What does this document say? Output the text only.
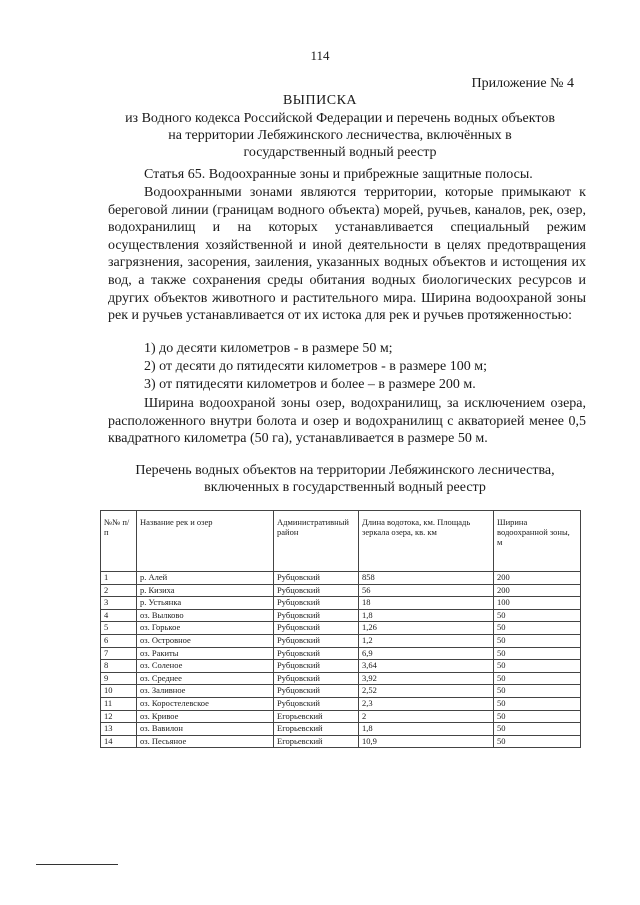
114
Приложение № 4
ВЫПИСКА
из Водного кодекса Российской Федерации и перечень водных объектов на территории Лебяжинского лесничества, включённых в государственный водный реестр
Статья 65. Водоохранные зоны и прибрежные защитные полосы.
Водоохранными зонами являются территории, которые примыкают к береговой линии (границам водного объекта) морей, ручьев, каналов, рек, озер, водохранилищ и на которых устанавливается специальный режим осуществления хозяйственной и иной деятельности в целях предотвращения загрязнения, засорения, заиления, указанных водных объектов и истощения их вод, а также сохранения среды обитания водных биологических ресурсов и других объектов животного и растительного мира. Ширина водоохраной зоны рек и ручьев устанавливается от их истока для рек и ручьев протяженностью:
1) до десяти километров - в размере 50 м;
2) от десяти до пятидесяти километров - в размере 100 м;
3) от пятидесяти километров и более – в размере 200 м.
Ширина водоохраной зоны озер, водохранилищ, за исключением озера, расположенного внутри болота и озер и водохранилищ с акваторией менее 0,5 квадратного километра (50 га), устанавливается в размере 50 м.
Перечень водных объектов на территории Лебяжинского лесничества, включенных в государственный водный реестр
№№ п/п	Название рек и озер	Административный район	Длина водотока, км. Площадь зеркала озера, кв. км	Ширина водоохранной зоны, м
1	р. Алей	Рубцовский	858	200
2	р. Кизиха	Рубцовский	56	200
3	р. Устьянка	Рубцовский	18	100
4	оз. Вылково	Рубцовский	1,8	50
5	оз. Горькое	Рубцовский	1,26	50
6	оз. Островное	Рубцовский	1,2	50
7	оз. Ракиты	Рубцовский	6,9	50
8	оз. Соленое	Рубцовский	3,64	50
9	оз. Среднее	Рубцовский	3,92	50
10	оз. Заливное	Рубцовский	2,52	50
11	оз. Коростелевское	Рубцовский	2,3	50
12	оз. Кривое	Егорьевский	2	50
13	оз. Вавилон	Егорьевский	1,8	50
14	оз. Песьяное	Егорьевский	10,9	50
